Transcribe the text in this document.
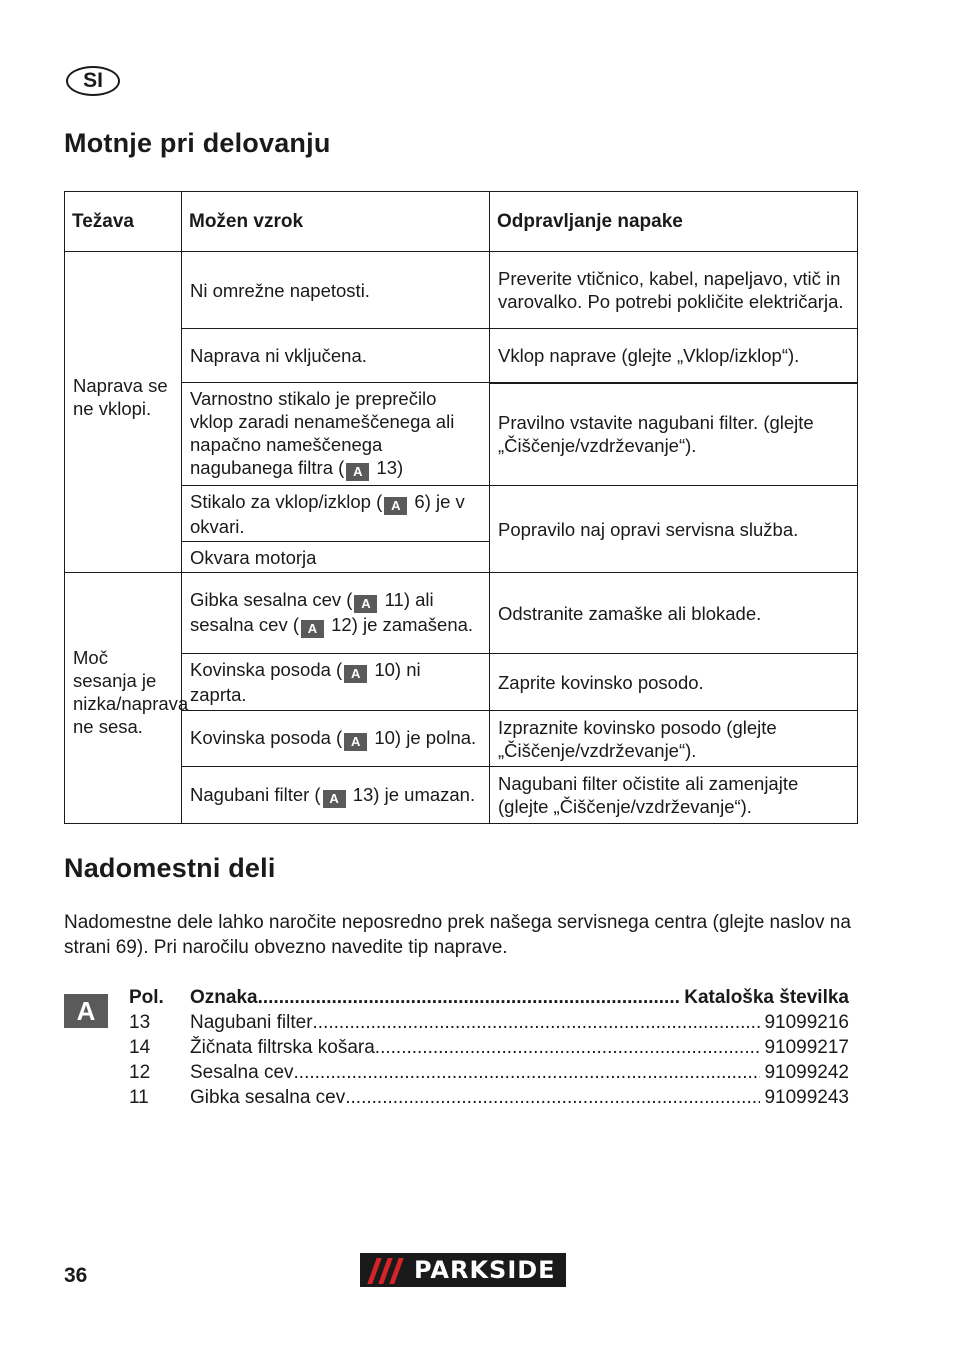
SI
Motnje pri delovanju
Težava	Možen vzrok	Odpravljanje napake
Naprava se ne vklopi.	Ni omrežne napetosti.	Preverite vtičnico, kabel, napeljavo, vtič in varovalko. Po potrebi pokličite električarja.
	Naprava ni vključena.	Vklop naprave (glejte „Vklop/izklop“).
	Varnostno stikalo je preprečilo vklop zaradi nenameščenega ali napačno nameščenega nagubanega filtra ( A 13)	Pravilno vstavite nagubani filter. (glejte „Čiščenje/vzdrževanje“).
	Stikalo za vklop/izklop ( A 6) je v okvari.	Popravilo naj opravi servisna služba.
	Okvara motorja	
Moč sesanja je nizka/naprava ne sesa.	Gibka sesalna cev ( A 11) ali sesalna cev ( A 12) je zamašena.	Odstranite zamaške ali blokade.
	Kovinska posoda ( A 10) ni zaprta.	Zaprite kovinsko posodo.
	Kovinska posoda ( A 10) je polna.	Izpraznite kovinsko posodo (glejte „Čiščenje/vzdrževanje“).
	Nagubani filter ( A 13) je umazan.	Nagubani filter očistite ali zamenjajte (glejte „Čiščenje/vzdrževanje“).
Nadomestni deli

Nadomestne dele lahko naročite neposredno prek našega servisnega centra (glejte naslov na strani 69). Pri naročilu obvezno navedite tip naprave.

A	Pol.	Oznaka .....	Kataloška številka
13	Nagubani filter .....	91099216
14	Žičnata filtrska košara .....	91099217
12	Sesalna cev .....	91099242
11	Gibka sesalna cev .....	91099243
36	PARKSIDE
